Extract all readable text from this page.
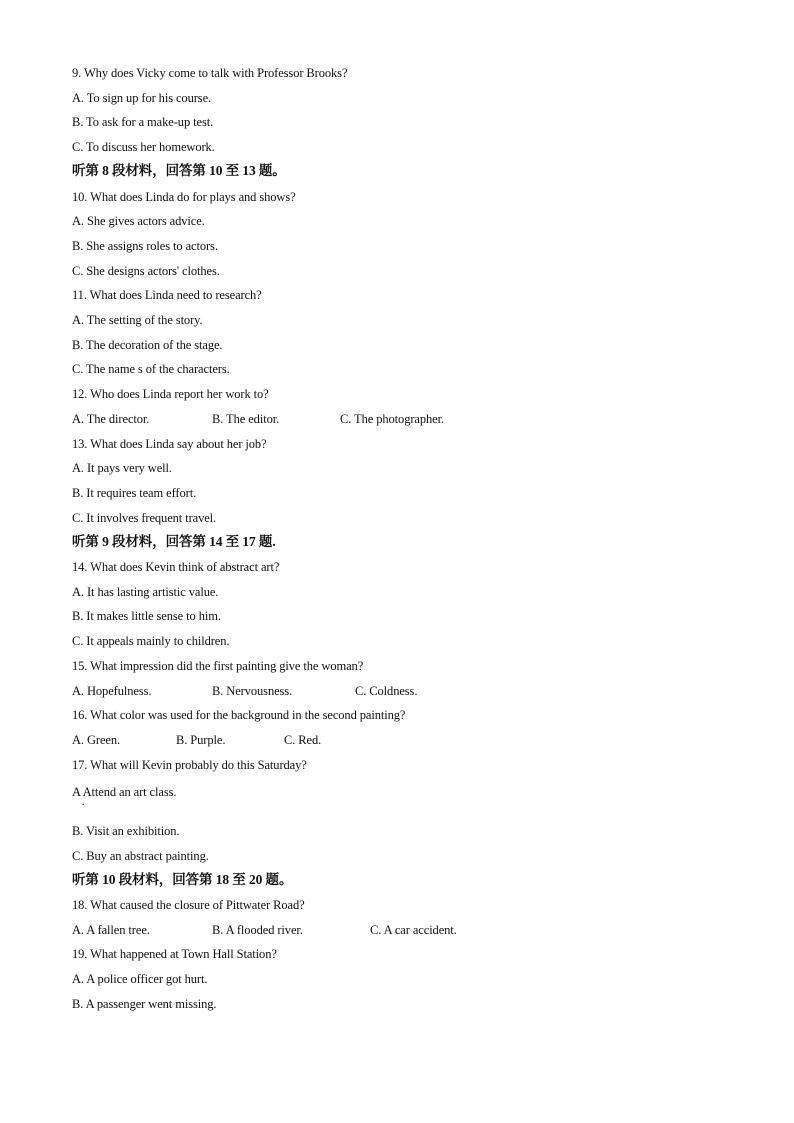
9. Why does Vicky come to talk with Professor Brooks?
A. To sign up for his course.
B. To ask for a make-up test.
C. To discuss her homework.
听第 8 段材料，回答第 10 至 13 题。
10. What does Linda do for plays and shows?
A. She gives actors advice.
B. She assigns roles to actors.
C. She designs actors' clothes.
11. What does Linda need to research?
A. The setting of the story.
B. The decoration of the stage.
C. The name s of the characters.
12. Who does Linda report her work to?
A. The director.	B. The editor.	C. The photographer.
13. What does Linda say about her job?
A. It pays very well.
B. It requires team effort.
C. It involves frequent travel.
听第 9 段材料，回答第 14 至 17 题.
14. What does Kevin think of abstract art?
A. It has lasting artistic value.
B. It makes little sense to him.
C. It appeals mainly to children.
15. What impression did the first painting give the woman?
A. Hopefulness.	B. Nervousness.	C. Coldness.
16. What color was used for the background in the second painting?
A. Green.	B. Purple.	C. Red.
17. What will Kevin probably do this Saturday?
A Attend an art class.
.
B. Visit an exhibition.
C. Buy an abstract painting.
听第 10 段材料，回答第 18 至 20 题。
18. What caused the closure of Pittwater Road?
A. A fallen tree.	B. A flooded river.	C. A car accident.
19. What happened at Town Hall Station?
A. A police officer got hurt.
B. A passenger went missing.
